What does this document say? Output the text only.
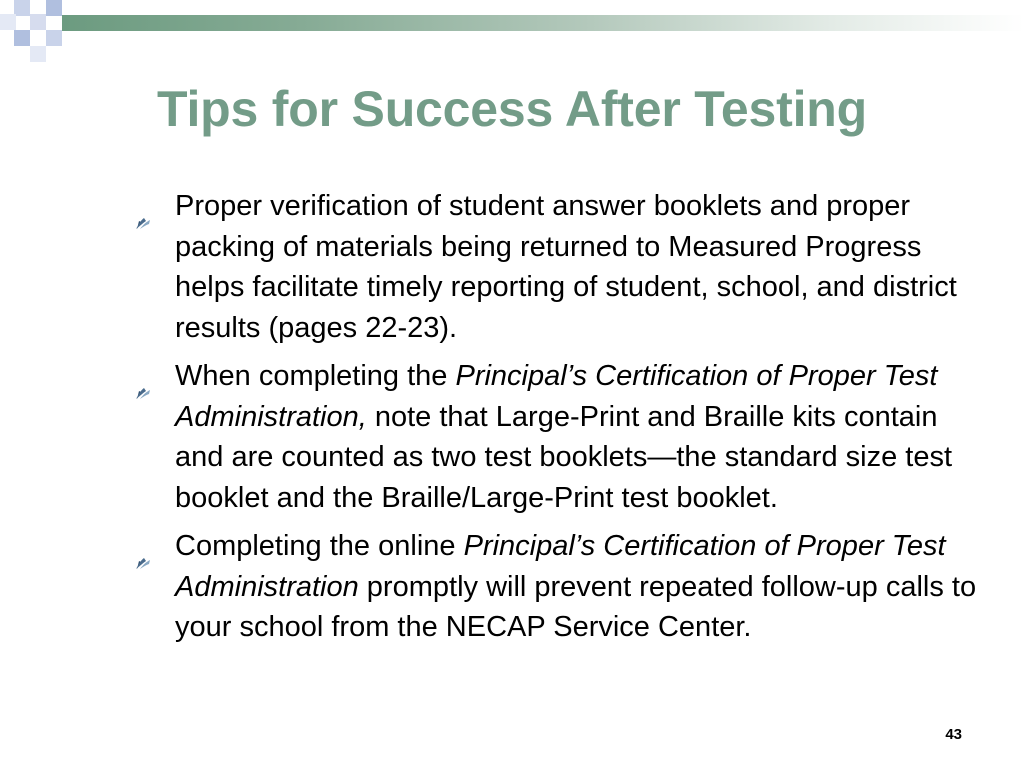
Tips for Success After Testing
Proper verification of student answer booklets and proper packing of materials being returned to Measured Progress helps facilitate timely reporting of student, school, and district results (pages 22-23).
When completing the Principal’s Certification of Proper Test Administration, note that Large-Print and Braille kits contain and are counted as two test booklets—the standard size test booklet and the Braille/Large-Print test booklet.
Completing the online Principal’s Certification of Proper Test Administration promptly will prevent repeated follow-up calls to your school from the NECAP Service Center.
43
